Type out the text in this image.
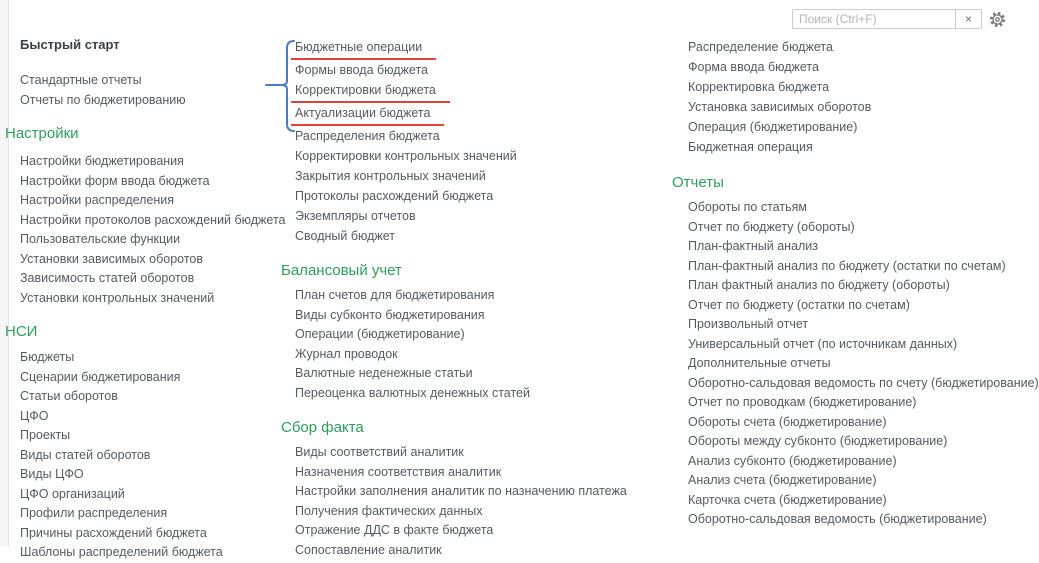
Быстрый старт
Стандартные отчеты
Отчеты по бюджетированию
Настройки
Настройки бюджетирования
Настройки форм ввода бюджета
Настройки распределения
Настройки протоколов расхождений бюджета
Пользовательские функции
Установки зависимых оборотов
Зависимость статей оборотов
Установки контрольных значений
НСИ
Бюджеты
Сценарии бюджетирования
Статьи оборотов
ЦФО
Проекты
Виды статей оборотов
Виды ЦФО
ЦФО организаций
Профили распределения
Причины расхождений бюджета
Шаблоны распределений бюджета
Бюджетные операции
Формы ввода бюджета
Корректировки бюджета
Актуализации бюджета
Распределения бюджета
Корректировки контрольных значений
Закрытия контрольных значений
Протоколы расхождений бюджета
Экземпляры отчетов
Сводный бюджет
Балансовый учет
План счетов для бюджетирования
Виды субконто бюджетирования
Операции (бюджетирование)
Журнал проводок
Валютные неденежные статьи
Переоценка валютных денежных статей
Сбор факта
Виды соответствий аналитик
Назначения соответствия аналитик
Настройки заполнения аналитик по назначению платежа
Получения фактических данных
Отражение ДДС в факте бюджета
Сопоставление аналитик
Распределение бюджета
Форма ввода бюджета
Корректировка бюджета
Установка зависимых оборотов
Операция (бюджетирование)
Бюджетная операция
Отчеты
Обороты по статьям
Отчет по бюджету (обороты)
План-фактный анализ
План-фактный анализ по бюджету (остатки по счетам)
План фактный анализ по бюджету (обороты)
Отчет по бюджету (остатки по счетам)
Произвольный отчет
Универсальный отчет (по источникам данных)
Дополнительные отчеты
Оборотно-сальдовая ведомость по счету (бюджетирование)
Отчет по проводкам (бюджетирование)
Обороты счета (бюджетирование)
Обороты между субконто (бюджетирование)
Анализ субконто (бюджетирование)
Анализ счета (бюджетирование)
Карточка счета (бюджетирование)
Оборотно-сальдовая ведомость (бюджетирование)
Поиск (Ctrl+F)
×
